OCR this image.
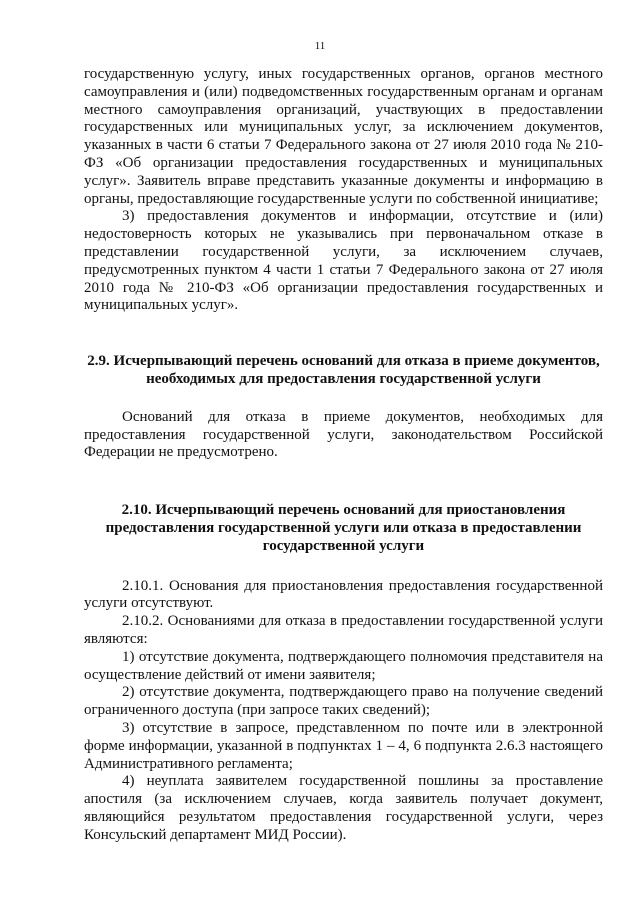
11

государственную услугу, иных государственных органов, органов местного самоуправления и (или) подведомственных государственным органам и органам местного самоуправления организаций, участвующих в предоставлении государственных или муниципальных услуг, за исключением документов, указанных в части 6 статьи 7 Федерального закона от 27 июля 2010 года № 210-ФЗ «Об организации предоставления государственных и муниципальных услуг». Заявитель вправе представить указанные документы и информацию в органы, предоставляющие государственные услуги по собственной инициативе;

3) предоставления документов и информации, отсутствие и (или) недостоверность которых не указывались при первоначальном отказе в представлении государственной услуги, за исключением случаев, предусмотренных пунктом 4 части 1 статьи 7 Федерального закона от 27 июля 2010 года № 210-ФЗ «Об организации предоставления государственных и муниципальных услуг».

2.9. Исчерпывающий перечень оснований для отказа в приеме документов, необходимых для предоставления государственной услуги

Оснований для отказа в приеме документов, необходимых для предоставления государственной услуги, законодательством Российской Федерации не предусмотрено.

2.10. Исчерпывающий перечень оснований для приостановления предоставления государственной услуги или отказа в предоставлении государственной услуги

2.10.1. Основания для приостановления предоставления государственной услуги отсутствуют.

2.10.2. Основаниями для отказа в предоставлении государственной услуги являются:

1) отсутствие документа, подтверждающего полномочия представителя на осуществление действий от имени заявителя;

2) отсутствие документа, подтверждающего право на получение сведений ограниченного доступа (при запросе таких сведений);

3) отсутствие в запросе, представленном по почте или в электронной форме информации, указанной в подпунктах 1 – 4, 6 подпункта 2.6.3 настоящего Административного регламента;

4) неуплата заявителем государственной пошлины за проставление апостиля (за исключением случаев, когда заявитель получает документ, являющийся результатом предоставления государственной услуги, через Консульский департамент МИД России).
